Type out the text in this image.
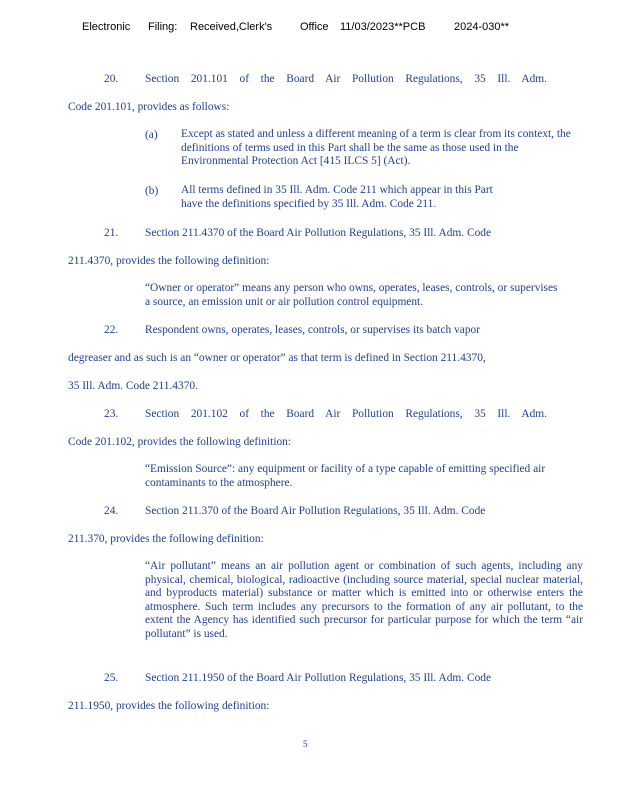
Electronic Filing: Received,Clerk's	Office 11/03/2023**PCB	2024-030**
20. Section 201.101 of the Board Air Pollution Regulations, 35 Ill. Adm.
Code 201.101, provides as follows:
(a) Except as stated and unless a different meaning of a term is clear from its context, the definitions of terms used in this Part shall be the same as those used in the Environmental Protection Act [415 ILCS 5] (Act).
(b) All terms defined in 35 Ill. Adm. Code 211 which appear in this Part have the definitions specified by 35 Ill. Adm. Code 211.
21. Section 211.4370 of the Board Air Pollution Regulations, 35 Ill. Adm. Code
211.4370, provides the following definition:
“Owner or operator” means any person who owns, operates, leases, controls, or supervises a source, an emission unit or air pollution control equipment.
22. Respondent owns, operates, leases, controls, or supervises its batch vapor
degreaser and as such is an “owner or operator” as that term is defined in Section 211.4370,
35 Ill. Adm. Code 211.4370.
23. Section 201.102 of the Board Air Pollution Regulations, 35 Ill. Adm.
Code 201.102, provides the following definition:
“Emission Source”: any equipment or facility of a type capable of emitting specified air contaminants to the atmosphere.
24. Section 211.370 of the Board Air Pollution Regulations, 35 Ill. Adm. Code
211.370, provides the following definition:
“Air pollutant” means an air pollution agent or combination of such agents, including any physical, chemical, biological, radioactive (including source material, special nuclear material, and byproducts material) substance or matter which is emitted into or otherwise enters the atmosphere. Such term includes any precursors to the formation of any air pollutant, to the extent the Agency has identified such precursor for particular purpose for which the term “air pollutant” is used.
25. Section 211.1950 of the Board Air Pollution Regulations, 35 Ill. Adm. Code
211.1950, provides the following definition:
5
